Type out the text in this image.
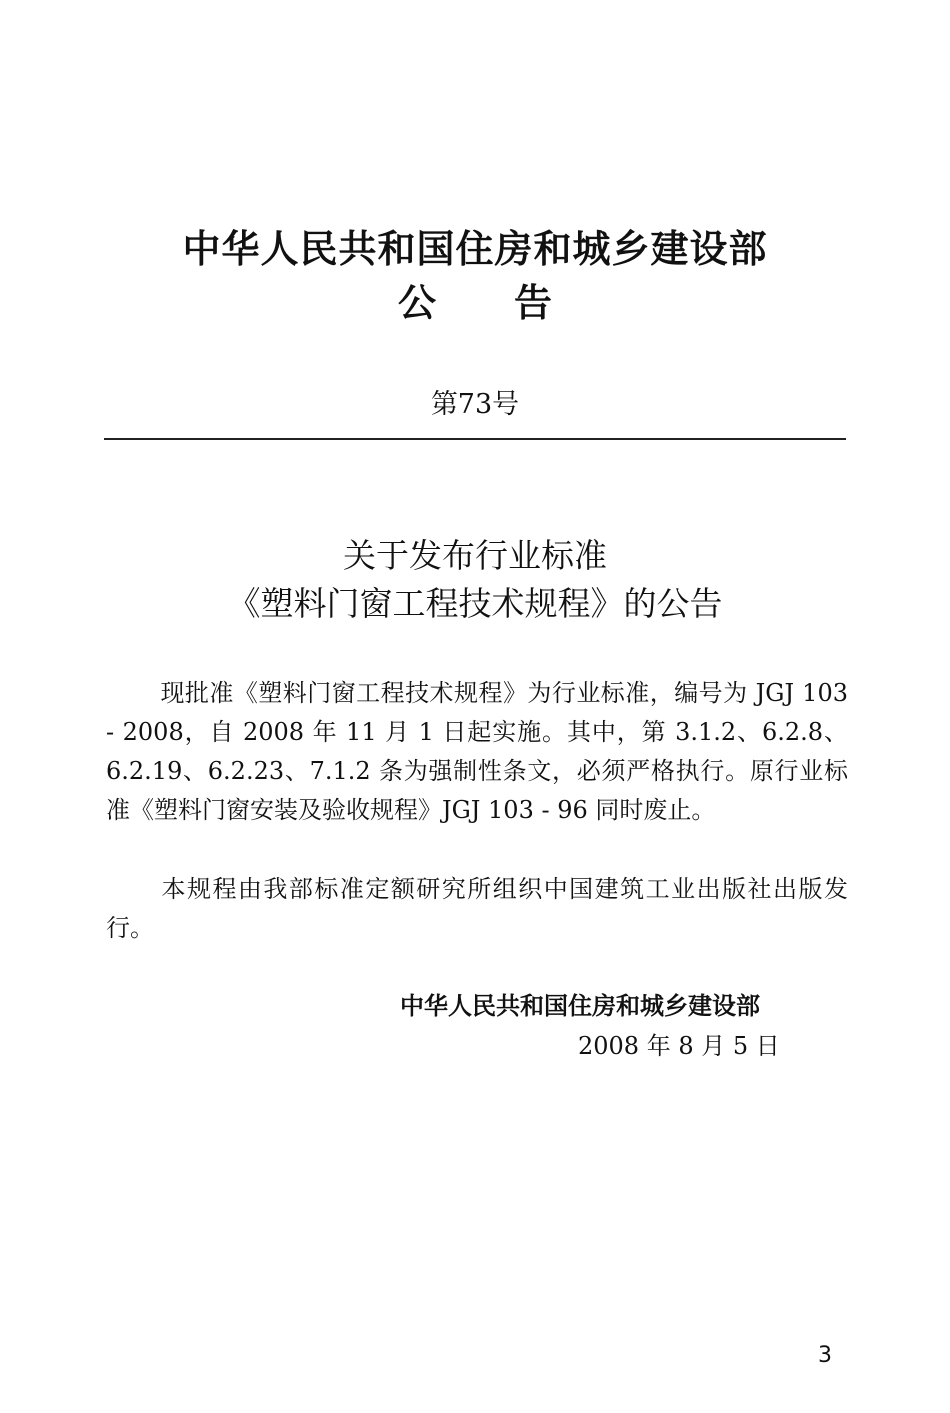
中华人民共和国住房和城乡建设部
公 告
第73号
关于发布行业标准
《塑料门窗工程技术规程》的公告
现批准《塑料门窗工程技术规程》为行业标准，编号为 JGJ 103 - 2008，自 2008 年 11 月 1 日起实施。其中，第 3.1.2、6.2.8、6.2.19、6.2.23、7.1.2 条为强制性条文，必须严格执行。原行业标准《塑料门窗安装及验收规程》JGJ 103 - 96 同时废止。
本规程由我部标准定额研究所组织中国建筑工业出版社出版发行。
中华人民共和国住房和城乡建设部
2008 年 8 月 5 日
3
